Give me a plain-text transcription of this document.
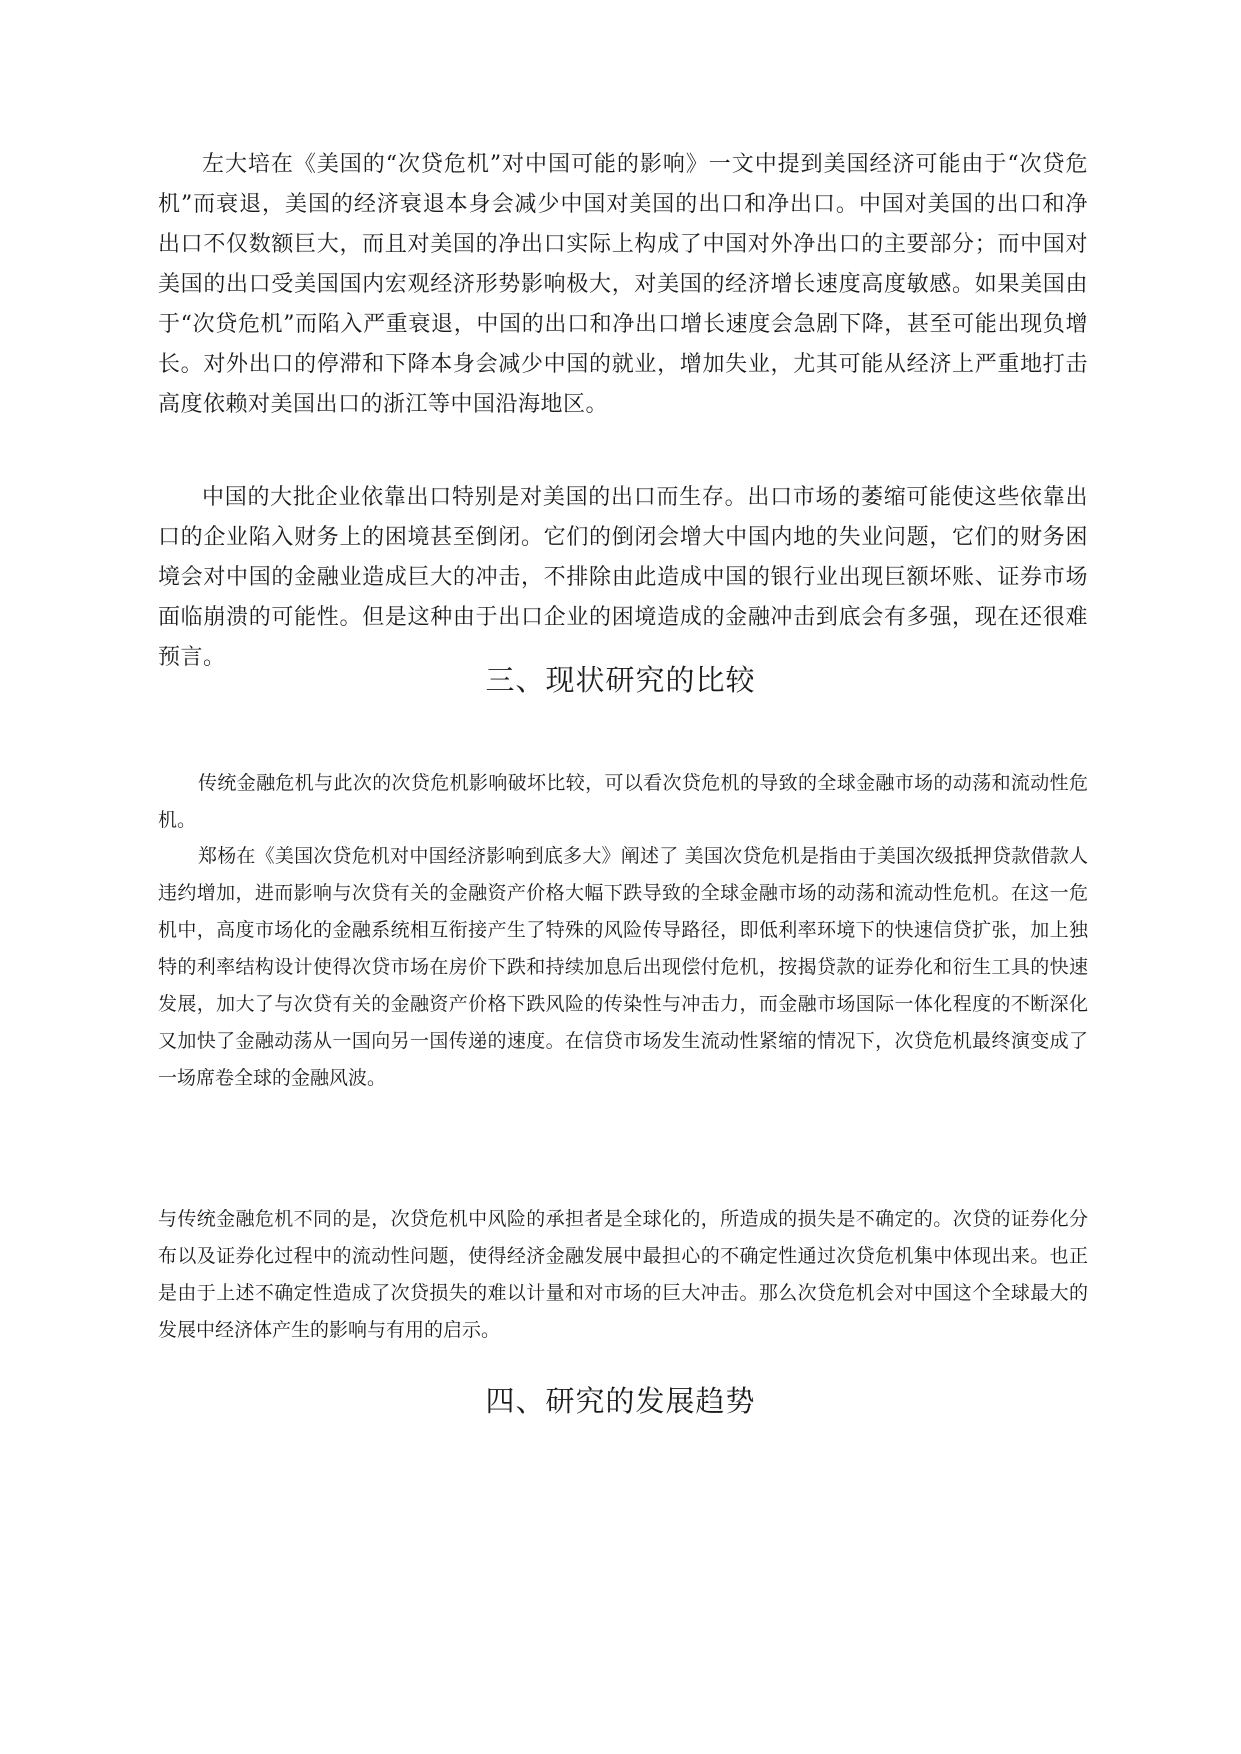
左大培在《美国的“次贷危机”对中国可能的影响》一文中提到美国经济可能由于“次贷危机”而衰退，美国的经济衰退本身会减少中国对美国的出口和净出口。中国对美国的出口和净出口不仅数额巨大，而且对美国的净出口实际上构成了中国对外净出口的主要部分；而中国对美国的出口受美国国内宏观经济形势影响极大，对美国的经济增长速度高度敏感。如果美国由于“次贷危机”而陷入严重衰退，中国的出口和净出口增长速度会急剧下降，甚至可能出现负增长。对外出口的停滞和下降本身会减少中国的就业，增加失业，尤其可能从经济上严重地打击高度依赖对美国出口的浙江等中国沿海地区。

中国的大批企业依靠出口特别是对美国的出口而生存。出口市场的萎缩可能使这些依靠出口的企业陷入财务上的困境甚至倒闭。它们的倒闭会增大中国内地的失业问题，它们的财务困境会对中国的金融业造成巨大的冲击，不排除由此造成中国的银行业出现巨额坏账、证券市场面临崩溃的可能性。但是这种由于出口企业的困境造成的金融冲击到底会有多强，现在还很难预言。

三、现状研究的比较

传统金融危机与此次的次贷危机影响破坏比较，可以看次贷危机的导致的全球金融市场的动荡和流动性危机。

郑杨在《美国次贷危机对中国经济影响到底多大》阐述了 美国次贷危机是指由于美国次级抵押贷款借款人违约增加，进而影响与次贷有关的金融资产价格大幅下跌导致的全球金融市场的动荡和流动性危机。在这一危机中，高度市场化的金融系统相互衔接产生了特殊的风险传导路径，即低利率环境下的快速信贷扩张，加上独特的利率结构设计使得次贷市场在房价下跌和持续加息后出现偿付危机，按揭贷款的证券化和衍生工具的快速发展，加大了与次贷有关的金融资产价格下跌风险的传染性与冲击力，而金融市场国际一体化程度的不断深化又加快了金融动荡从一国向另一国传递的速度。在信贷市场发生流动性紧缩的情况下，次贷危机最终演变成了一场席卷全球的金融风波。

与传统金融危机不同的是，次贷危机中风险的承担者是全球化的，所造成的损失是不确定的。次贷的证券化分布以及证券化过程中的流动性问题，使得经济金融发展中最担心的不确定性通过次贷危机集中体现出来。也正是由于上述不确定性造成了次贷损失的难以计量和对市场的巨大冲击。那么次贷危机会对中国这个全球最大的发展中经济体产生的影响与有用的启示。

四、研究的发展趋势
